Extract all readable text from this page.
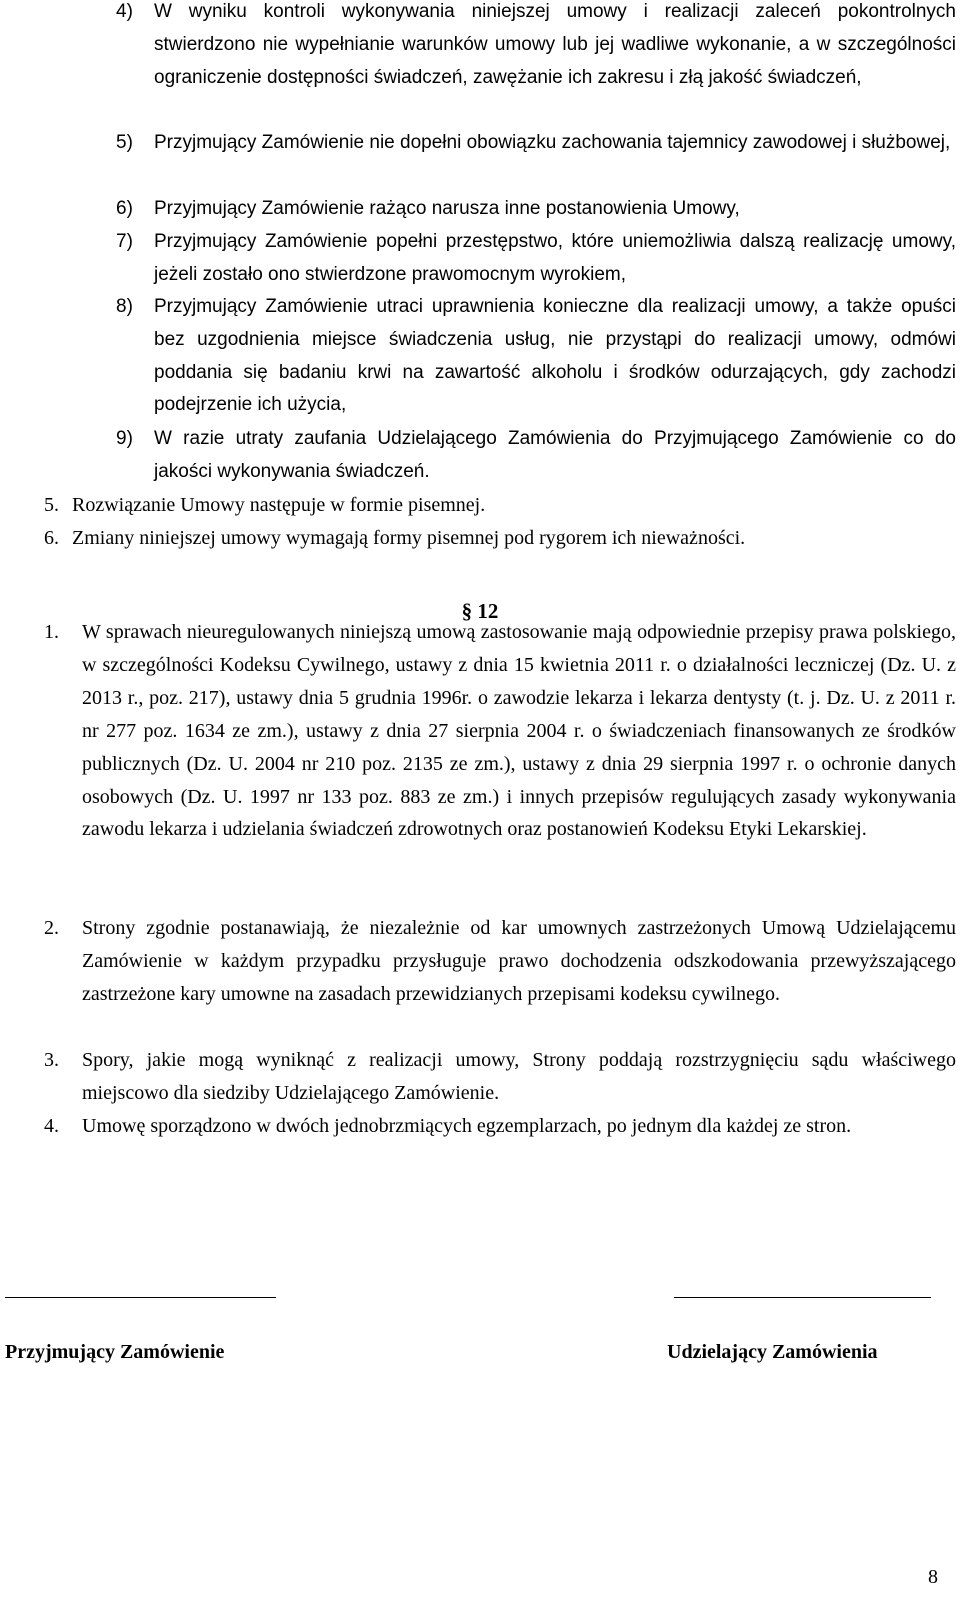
4) W wyniku kontroli wykonywania niniejszej umowy i realizacji zaleceń pokontrolnych stwierdzono nie wypełnianie warunków umowy lub jej wadliwe wykonanie, a w szczególności ograniczenie dostępności świadczeń, zawężanie ich zakresu i złą jakość świadczeń,
5) Przyjmujący Zamówienie nie dopełni obowiązku zachowania tajemnicy zawodowej i służbowej,
6) Przyjmujący Zamówienie rażąco narusza inne postanowienia Umowy,
7) Przyjmujący Zamówienie popełni przestępstwo, które uniemożliwia dalszą realizację umowy, jeżeli zostało ono stwierdzone prawomocnym wyrokiem,
8) Przyjmujący Zamówienie utraci uprawnienia konieczne dla realizacji umowy, a także opuści bez uzgodnienia miejsce świadczenia usług, nie przystąpi do realizacji umowy, odmówi poddania się badaniu krwi na zawartość alkoholu i środków odurzających, gdy zachodzi podejrzenie ich użycia,
9) W razie utraty zaufania Udzielającego Zamówienia do Przyjmującego Zamówienie co do jakości wykonywania świadczeń.
5. Rozwiązanie Umowy następuje w formie pisemnej.
6. Zmiany niniejszej umowy wymagają formy pisemnej pod rygorem ich nieważności.
§ 12
1. W sprawach nieuregulowanych niniejszą umową zastosowanie mają odpowiednie przepisy prawa polskiego, w szczególności Kodeksu Cywilnego, ustawy z dnia 15 kwietnia 2011 r. o działalności leczniczej (Dz. U. z 2013 r., poz. 217), ustawy dnia 5 grudnia 1996r. o zawodzie lekarza i lekarza dentysty (t. j. Dz. U. z 2011 r. nr 277 poz. 1634 ze zm.), ustawy z dnia 27 sierpnia 2004 r. o świadczeniach finansowanych ze środków publicznych (Dz. U. 2004 nr 210 poz. 2135 ze zm.), ustawy z dnia 29 sierpnia 1997 r. o ochronie danych osobowych (Dz. U. 1997 nr 133 poz. 883 ze zm.) i innych przepisów regulujących zasady wykonywania zawodu lekarza i udzielania świadczeń zdrowotnych oraz postanowień Kodeksu Etyki Lekarskiej.
2. Strony zgodnie postanawiają, że niezależnie od kar umownych zastrzeżonych Umową Udzielającemu Zamówienie w każdym przypadku przysługuje prawo dochodzenia odszkodowania przewyższającego zastrzeżone kary umowne na zasadach przewidzianych przepisami kodeksu cywilnego.
3. Spory, jakie mogą wyniknąć z realizacji umowy, Strony poddają rozstrzygnięciu sądu właściwego miejscowo dla siedziby Udzielającego Zamówienie.
4. Umowę sporządzono w dwóch jednobrzmiących egzemplarzach, po jednym dla każdej ze stron.
Przyjmujący Zamówienie	Udzielający Zamówienia
8
